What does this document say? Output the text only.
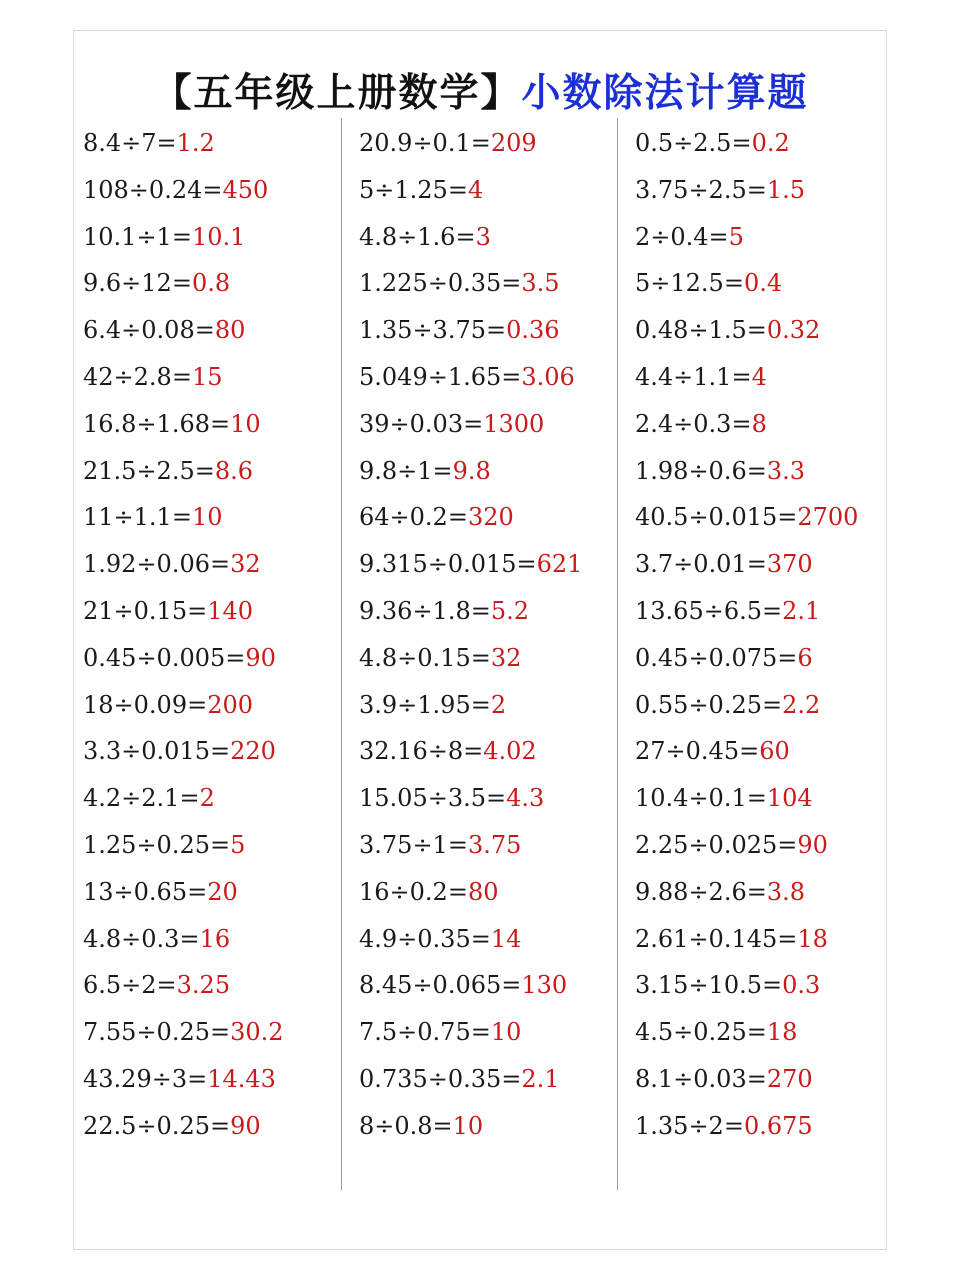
【五年级上册数学】小数除法计算题
8.4÷7=1.2
108÷0.24=450
10.1÷1=10.1
9.6÷12=0.8
6.4÷0.08=80
42÷2.8=15
16.8÷1.68=10
21.5÷2.5=8.6
11÷1.1=10
1.92÷0.06=32
21÷0.15=140
0.45÷0.005=90
18÷0.09=200
3.3÷0.015=220
4.2÷2.1=2
1.25÷0.25=5
13÷0.65=20
4.8÷0.3=16
6.5÷2=3.25
7.55÷0.25=30.2
43.29÷3=14.43
22.5÷0.25=90
20.9÷0.1=209
5÷1.25=4
4.8÷1.6=3
1.225÷0.35=3.5
1.35÷3.75=0.36
5.049÷1.65=3.06
39÷0.03=1300
9.8÷1=9.8
64÷0.2=320
9.315÷0.015=621
9.36÷1.8=5.2
4.8÷0.15=32
3.9÷1.95=2
32.16÷8=4.02
15.05÷3.5=4.3
3.75÷1=3.75
16÷0.2=80
4.9÷0.35=14
8.45÷0.065=130
7.5÷0.75=10
0.735÷0.35=2.1
8÷0.8=10
0.5÷2.5=0.2
3.75÷2.5=1.5
2÷0.4=5
5÷12.5=0.4
0.48÷1.5=0.32
4.4÷1.1=4
2.4÷0.3=8
1.98÷0.6=3.3
40.5÷0.015=2700
3.7÷0.01=370
13.65÷6.5=2.1
0.45÷0.075=6
0.55÷0.25=2.2
27÷0.45=60
10.4÷0.1=104
2.25÷0.025=90
9.88÷2.6=3.8
2.61÷0.145=18
3.15÷10.5=0.3
4.5÷0.25=18
8.1÷0.03=270
1.35÷2=0.675
